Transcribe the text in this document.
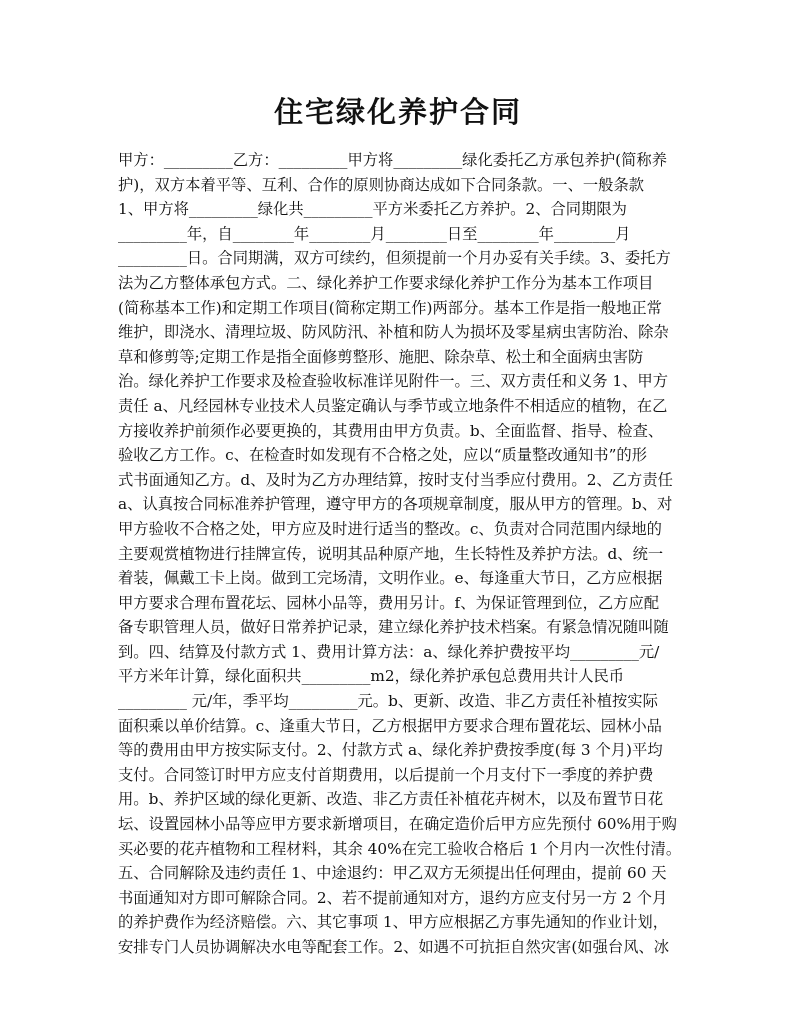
住宅绿化养护合同
甲方：_________乙方：_________甲方将_________绿化委托乙方承包养护(简称养
护)，双方本着平等、互利、合作的原则协商达成如下合同条款。一、一般条款
1、甲方将_________绿化共_________平方米委托乙方养护。2、合同期限为
_________年，自________年________月________日至________年________月
_________日。合同期满，双方可续约，但须提前一个月办妥有关手续。3、委托方
法为乙方整体承包方式。二、绿化养护工作要求绿化养护工作分为基本工作项目
(简称基本工作)和定期工作项目(简称定期工作)两部分。基本工作是指一般地正常
维护，即浇水、清理垃圾、防风防汛、补植和防人为损坏及零星病虫害防治、除杂
草和修剪等;定期工作是指全面修剪整形、施肥、除杂草、松土和全面病虫害防
治。绿化养护工作要求及检查验收标准详见附件一。三、双方责任和义务 1、甲方
责任 a、凡经园林专业技术人员鉴定确认与季节或立地条件不相适应的植物，在乙
方接收养护前须作必要更换的，其费用由甲方负责。b、全面监督、指导、检查、
验收乙方工作。c、在检查时如发现有不合格之处，应以“质量整改通知书”的形
式书面通知乙方。d、及时为乙方办理结算，按时支付当季应付费用。2、乙方责任
a、认真按合同标准养护管理，遵守甲方的各项规章制度，服从甲方的管理。b、对
甲方验收不合格之处，甲方应及时进行适当的整改。c、负责对合同范围内绿地的
主要观赏植物进行挂牌宣传，说明其品种原产地，生长特性及养护方法。d、统一
着装，佩戴工卡上岗。做到工完场清，文明作业。e、每逢重大节日，乙方应根据
甲方要求合理布置花坛、园林小品等，费用另计。f、为保证管理到位，乙方应配
备专职管理人员，做好日常养护记录，建立绿化养护技术档案。有紧急情况随叫随
到。四、结算及付款方式 1、费用计算方法：a、绿化养护费按平均_________元/
平方米年计算，绿化面积共_________m2，绿化养护承包总费用共计人民币
_________ 元/年，季平均_________元。b、更新、改造、非乙方责任补植按实际
面积乘以单价结算。c、逢重大节日，乙方根据甲方要求合理布置花坛、园林小品
等的费用由甲方按实际支付。2、付款方式 a、绿化养护费按季度(每 3 个月)平均
支付。合同签订时甲方应支付首期费用，以后提前一个月支付下一季度的养护费
用。b、养护区域的绿化更新、改造、非乙方责任补植花卉树木，以及布置节日花
坛、设置园林小品等应甲方要求新增项目，在确定造价后甲方应先预付 60%用于购
买必要的花卉植物和工程材料，其余 40%在完工验收合格后 1 个月内一次性付清。
五、合同解除及违约责任 1、中途退约：甲乙双方无须提出任何理由，提前 60 天
书面通知对方即可解除合同。2、若不提前通知对方，退约方应支付另一方 2 个月
的养护费作为经济赔偿。六、其它事项 1、甲方应根据乙方事先通知的作业计划，
安排专门人员协调解决水电等配套工作。2、如遇不可抗拒自然灾害(如强台风、冰
